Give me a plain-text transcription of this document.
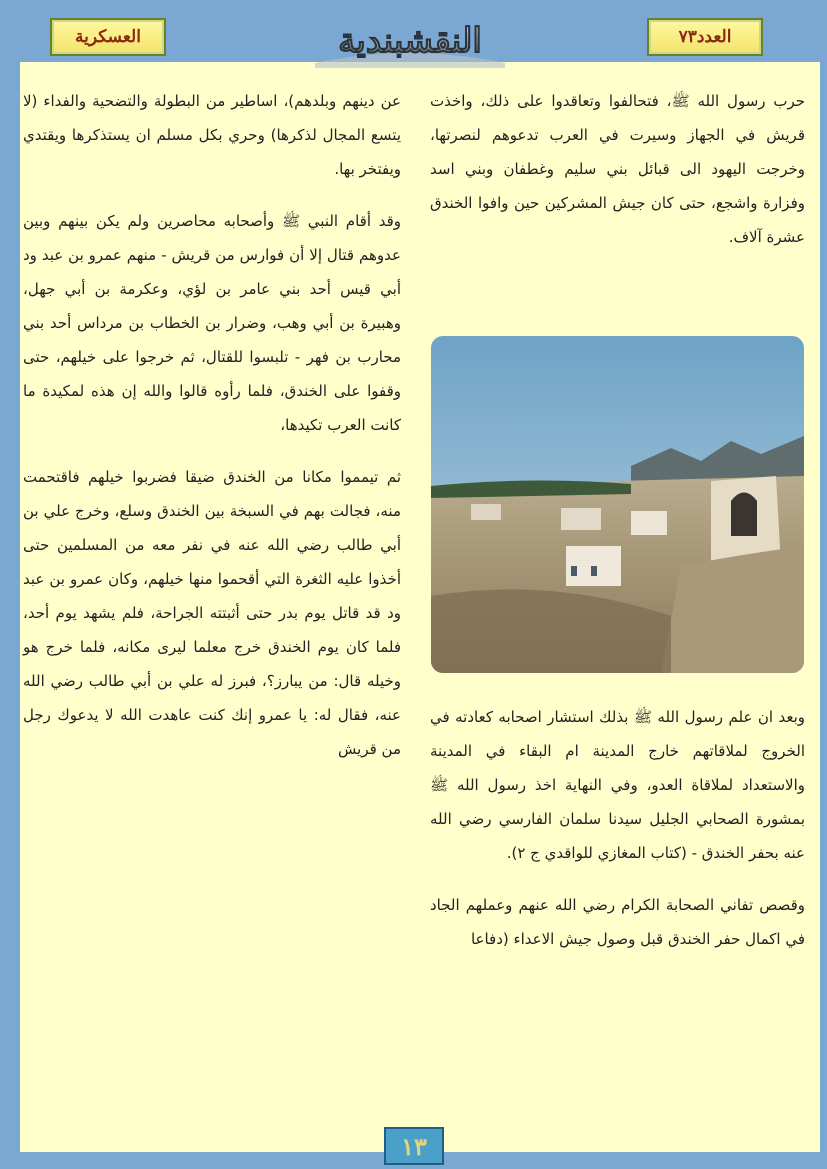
العسكرية	العدد٧٣
النقشبندية

حرب رسول الله ﷺ، فتحالفوا وتعاقدوا على ذلك، واخذت قريش في الجهاز وسيرت في العرب تدعوهم لنصرتها، وخرجت اليهود الى قبائل بني سليم وغطفان وبني اسد وفزارة واشجع، حتى كان جيش المشركين حين وافوا الخندق عشرة آلاف.

وبعد ان علم رسول الله ﷺ بذلك استشار اصحابه كعادته في الخروج لملاقاتهم خارج المدينة ام البقاء في المدينة والاستعداد لملاقاة العدو، وفي النهاية اخذ رسول الله ﷺ بمشورة الصحابي الجليل سيدنا سلمان الفارسي رضي الله عنه بحفر الخندق - (كتاب المغازي للواقدي ج ٢).

وقصص تفاني الصحابة الكرام رضي الله عنهم وعملهم الجاد في اكمال حفر الخندق قبل وصول جيش الاعداء (دفاعا

عن دينهم وبلدهم)، اساطير من البطولة والتضحية والفداء (لا يتسع المجال لذكرها) وحري بكل مسلم ان يستذكرها ويقتدي ويفتخر بها.

وقد أقام النبي ﷺ وأصحابه محاصرين ولم يكن بينهم وبين عدوهم قتال إلا أن فوارس من قريش - منهم عمرو بن عبد ود أبي قيس أحد بني عامر بن لؤي، وعكرمة بن أبي جهل، وهبيرة بن أبي وهب، وضرار بن الخطاب بن مرداس أحد بني محارب بن فهر - تلبسوا للقتال، ثم خرجوا على خيلهم، حتى وقفوا على الخندق، فلما رأوه قالوا والله إن هذه لمكيدة ما كانت العرب تكيدها،

ثم تيمموا مكانا من الخندق ضيقا فضربوا خيلهم فاقتحمت منه، فجالت بهم في السبخة بين الخندق وسلع، وخرج علي بن أبي طالب رضي الله عنه في نفر معه من المسلمين حتى أخذوا عليه الثغرة التي أقحموا منها خيلهم، وكان عمرو بن عبد ود قد قاتل يوم بدر حتى أثبتته الجراحة، فلم يشهد يوم أحد، فلما كان يوم الخندق خرج معلما ليرى مكانه، فلما خرج هو وخيله قال: من يبارز؟، فبرز له علي بن أبي طالب رضي الله عنه، فقال له: يا عمرو إنك كنت عاهدت الله لا يدعوك رجل من قريش

١٣
